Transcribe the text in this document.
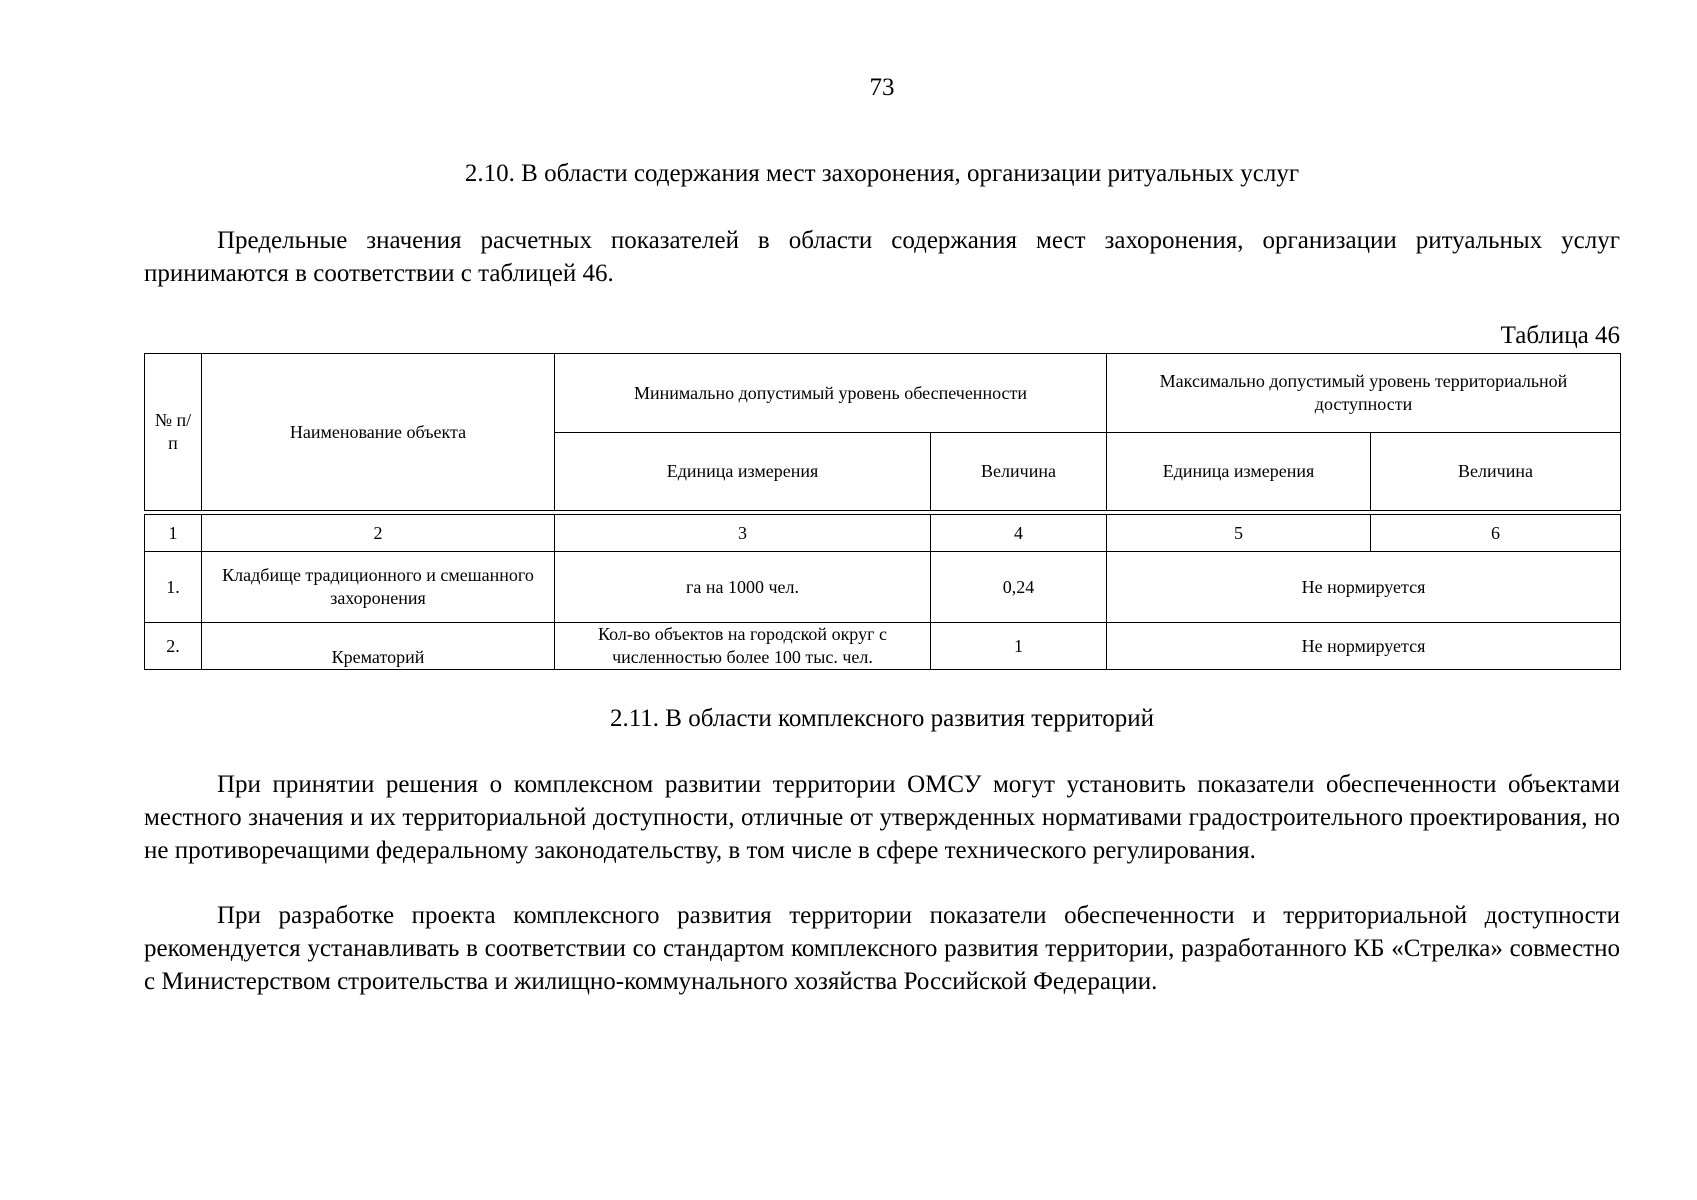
73
2.10. В области содержания мест захоронения, организации ритуальных услуг

Предельные значения расчетных показателей в области содержания мест захоронения, организации ритуальных услуг принимаются в соответствии с таблицей 46.

Таблица 46
№ п/п	Наименование объекта	Минимально допустимый уровень обеспеченности		Максимально допустимый уровень территориальной доступности	
		Единица измерения	Величина	Единица измерения	Величина
1	2	3	4	5	6
1.	Кладбище традиционного и смешанного захоронения	га на 1000 чел.	0,24	Не нормируется	
2.	Крематорий	Кол-во объектов на городской округ с численностью более 100 тыс. чел.	1	Не нормируется	
2.11. В области комплексного развития территорий

При принятии решения о комплексном развитии территории ОМСУ могут установить показатели обеспеченности объектами местного значения и их территориальной доступности, отличные от утвержденных нормативами градостроительного проектирования, но не противоречащими федеральному законодательству, в том числе в сфере технического регулирования.

При разработке проекта комплексного развития территории показатели обеспеченности и территориальной доступности рекомендуется устанавливать в соответствии со стандартом комплексного развития территории, разработанного КБ «Стрелка» совместно с Министерством строительства и жилищно-коммунального хозяйства Российской Федерации.
